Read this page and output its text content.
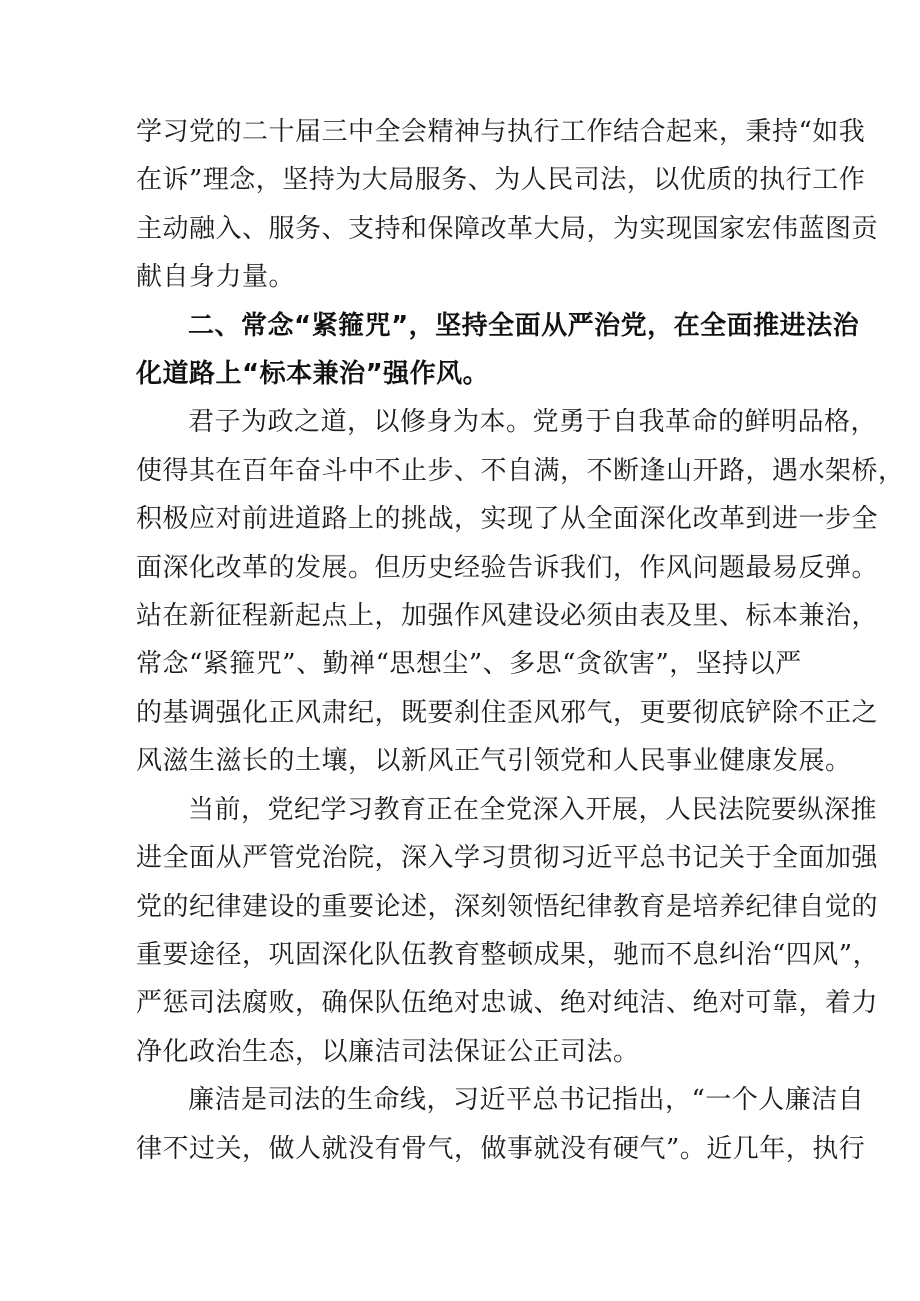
学习党的二十届三中全会精神与执行工作结合起来，秉持“如我
在诉”理念，坚持为大局服务、为人民司法，以优质的执行工作
主动融入、服务、支持和保障改革大局，为实现国家宏伟蓝图贡
献自身力量。

二、常念“紧箍咒”，坚持全面从严治党，在全面推进法治
化道路上“标本兼治”强作风。

君子为政之道，以修身为本。党勇于自我革命的鲜明品格，
使得其在百年奋斗中不止步、不自满，不断逢山开路，遇水架桥，
积极应对前进道路上的挑战，实现了从全面深化改革到进一步全
面深化改革的发展。但历史经验告诉我们，作风问题最易反弹。
站在新征程新起点上，加强作风建设必须由表及里、标本兼治，
常念“紧箍咒”、勤禅“思想尘”、多思“贪欲害”，坚持以严
的基调强化正风肃纪，既要刹住歪风邪气，更要彻底铲除不正之
风滋生滋长的土壤，以新风正气引领党和人民事业健康发展。

当前，党纪学习教育正在全党深入开展，人民法院要纵深推
进全面从严管党治院，深入学习贯彻习近平总书记关于全面加强
党的纪律建设的重要论述，深刻领悟纪律教育是培养纪律自觉的
重要途径，巩固深化队伍教育整顿成果，驰而不息纠治“四风”，
严惩司法腐败，确保队伍绝对忠诚、绝对纯洁、绝对可靠，着力
净化政治生态，以廉洁司法保证公正司法。

廉洁是司法的生命线，习近平总书记指出，“一个人廉洁自
律不过关，做人就没有骨气，做事就没有硬气”。近几年，执行
